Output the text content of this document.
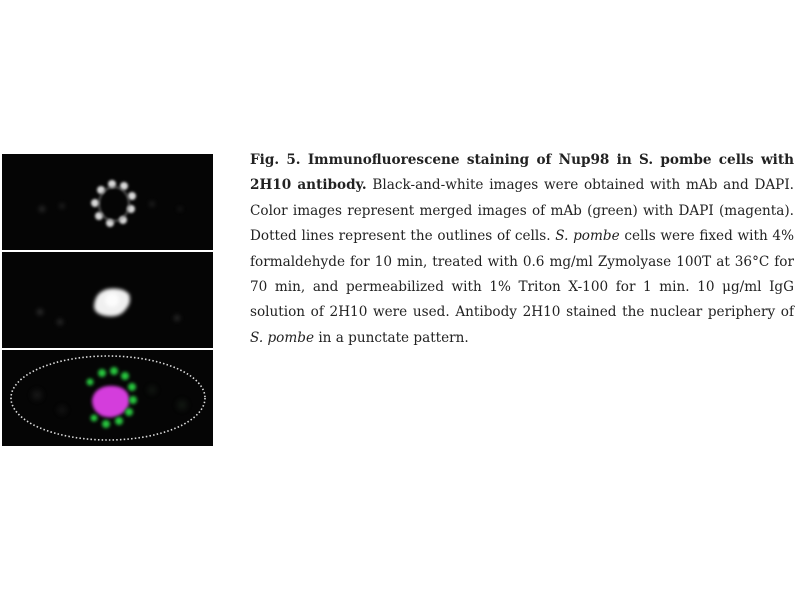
Fig. 5. Immunofluorescene staining of Nup98 in S. pombe cells with 2H10 antibody. Black-and-white images were obtained with mAb and DAPI. Color images represent merged images of mAb (green) with DAPI (magenta). Dotted lines represent the outlines of cells. S. pombe cells were fixed with 4% formaldehyde for 10 min, treated with 0.6 mg/ml Zymolyase 100T at 36°C for 70 min, and permeabilized with 1% Triton X-100 for 1 min. 10 μg/ml IgG solution of 2H10 were used. Antibody 2H10 stained the nuclear periphery of S. pombe in a punctate pattern.
